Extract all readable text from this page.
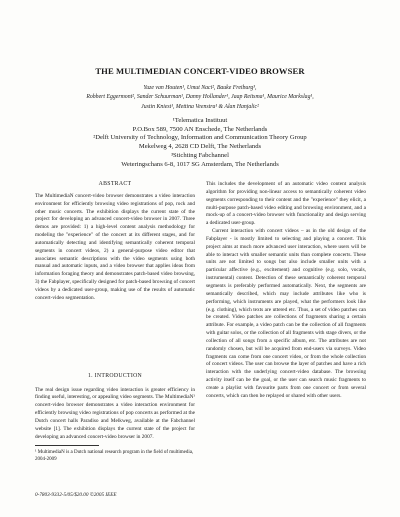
THE MULTIMEDIAN CONCERT-VIDEO BROWSER
Yuze van Houten¹, Umut Naci², Bauke Freiburg³,
Robbert Eggermont², Sander Schuurman¹, Danny Hollander¹, Jaap Reitsma¹, Maurice Markslag¹,
Justin Kniest¹, Mettina Veenstra¹ & Alan Hanjalic²
¹Telematica Instituut
P.O.Box 589, 7500 AN Enschede, The Netherlands
²Delft University of Technology, Information and Communication Theory Group
Mekelweg 4, 2628 CD Delft, The Netherlands
³Stichting Fabchannel
Weteringschans 6-8, 1017 SG Amsterdam, The Netherlands

ABSTRACT

The MultimediaN concert-video browser demonstrates a video interaction environment for efficiently browsing video registrations of pop, rock and other music concerts. The exhibition displays the current state of the project for developing an advanced concert-video browser in 2007. Three demos are provided: 1) a high-level content analysis methodology for modeling the "experience" of the concert at its different stages, and for automatically detecting and identifying semantically coherent temporal segments in concert videos, 2) a general-purpose video editor that associates semantic descriptions with the video segments using both manual and automatic inputs, and a video browser that applies ideas from information foraging theory and demonstrates patch-based video browsing, 3) the Fabplayer, specifically designed for patch-based browsing of concert videos by a dedicated user-group, making use of the results of automatic concert-video segmentation.

1. INTRODUCTION

The real design issue regarding video interaction is greater efficiency in finding useful, interesting, or appealing video segments. The MultimediaN¹ concert-video browser demonstrates a video interaction environment for efficiently browsing video registrations of pop concerts as performed at the Dutch concert halls Paradiso and Melkweg, available at the Fabchannel website [1]. The exhibition displays the current state of the project for developing an advanced concert-video browser in 2007.

¹ MultimediaN is a Dutch national research program in the field of multimedia, 2004-2009

This includes the development of an automatic video content analysis algorithm for providing non-linear access to semantically coherent video segments corresponding to their content and the "experience" they elicit, a multi-purpose patch-based video editing and browsing environment, and a mock-up of a concert-video browser with functionality and design serving a dedicated user-group.

Current interaction with concert videos – as in the old design of the Fabplayer - is mostly limited to selecting and playing a concert. This project aims at much more advanced user interaction, where users will be able to interact with smaller semantic units than complete concerts. These units are not limited to songs but also include smaller units with a particular affective (e.g., excitement) and cognitive (e.g. solo, vocals, instrumental) content. Detection of these semantically coherent temporal segments is preferably performed automatically. Next, the segments are semantically described, which may include attributes like who is performing, which instruments are played, what the performers look like (e.g. clothing), which texts are uttered etc. Thus, a set of video patches can be created. Video patches are collections of fragments sharing a certain attribute. For example, a video patch can be the collection of all fragments with guitar solos, or the collection of all fragments with stage divers, or the collection of all songs from a specific album, etc. The attributes are not randomly chosen, but will be acquired from end-users via surveys. Video fragments can come from one concert video, or from the whole collection of concert videos. The user can browse the layer of patches and have a rich interaction with the underlying concert-video database. The browsing activity itself can be the goal, or the user can search music fragments to create a playlist with favourite parts from one concert or from several concerts, which can then be replayed or shared with other users.

0-7803-9332-5/05/$20.00 ©2005 IEEE
